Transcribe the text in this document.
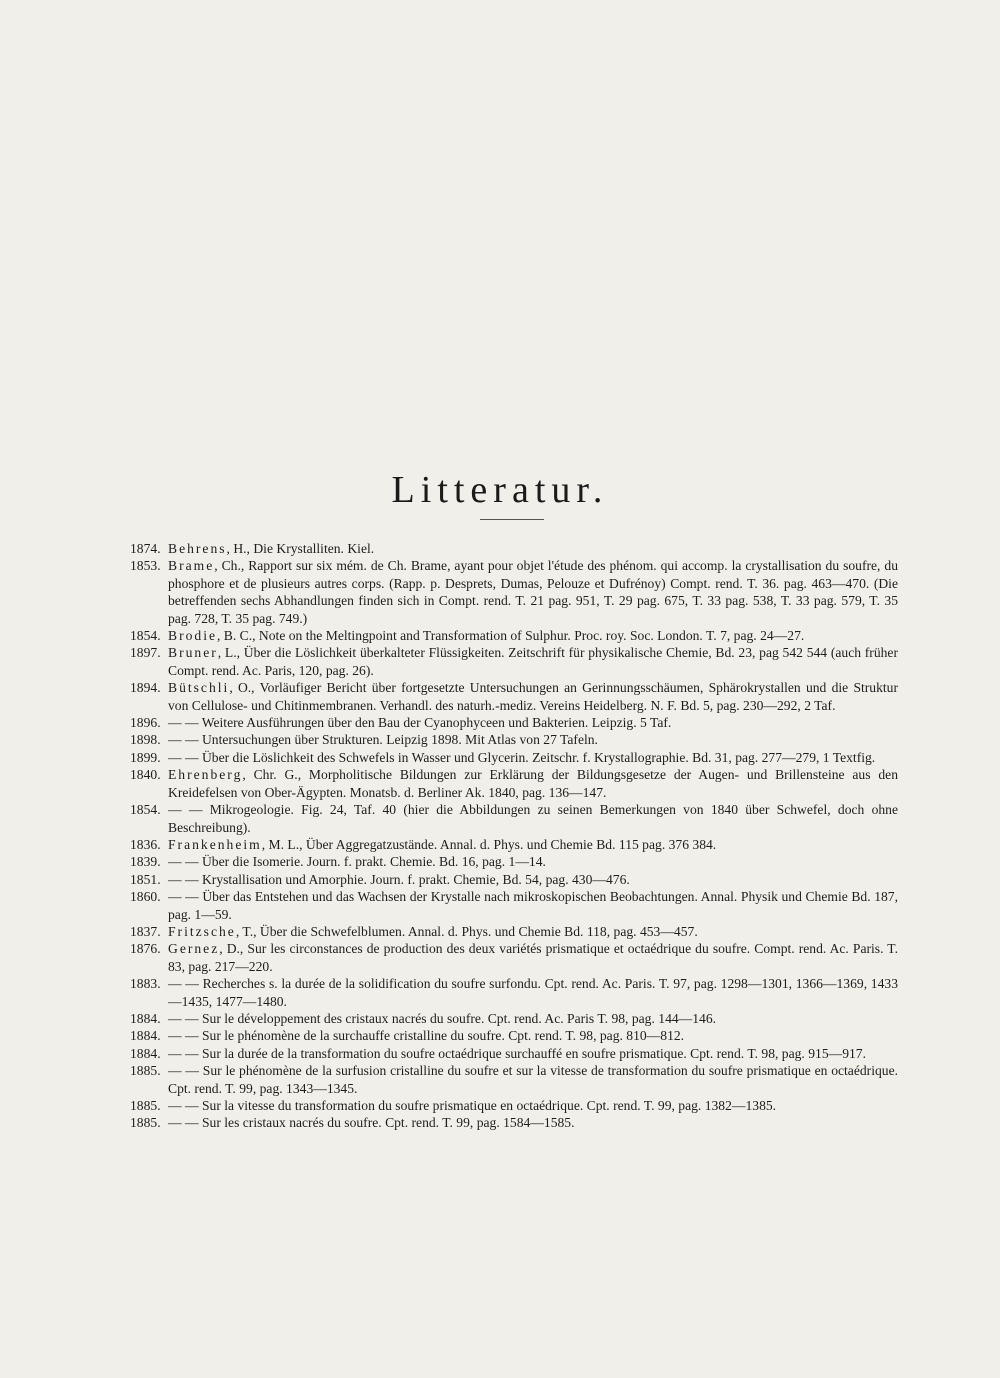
Litteratur.
1874. Behrens, H., Die Krystalliten. Kiel.
1853. Brame, Ch., Rapport sur six mém. de Ch. Brame, ayant pour objet l'étude des phénom. qui accomp. la crystallisation du soufre, du phosphore et de plusieurs autres corps. (Rapp. p. Desprets, Dumas, Pelouze et Dufrénoy) Compt. rend. T. 36. pag. 463—470. (Die betreffenden sechs Abhandlungen finden sich in Compt. rend. T. 21 pag. 951, T. 29 pag. 675, T. 33 pag. 538, T. 33 pag. 579, T. 35 pag. 728, T. 35 pag. 749.)
1854. Brodie, B. C., Note on the Meltingpoint and Transformation of Sulphur. Proc. roy. Soc. London. T. 7, pag. 24—27.
1897. Bruner, L., Über die Löslichkeit überkalteter Flüssigkeiten. Zeitschrift für physikalische Chemie, Bd. 23, pag 542 544 (auch früher Compt. rend. Ac. Paris, 120, pag. 26).
1894. Bütschli, O., Vorläufiger Bericht über fortgesetzte Untersuchungen an Gerinnungsschäumen, Sphärokrystallen und die Struktur von Cellulose- und Chitinmembranen. Verhandl. des naturh.-mediz. Vereins Heidelberg. N. F. Bd. 5, pag. 230—292, 2 Taf.
1896. — — Weitere Ausführungen über den Bau der Cyanophyceen und Bakterien. Leipzig. 5 Taf.
1898. — — Untersuchungen über Strukturen. Leipzig 1898. Mit Atlas von 27 Tafeln.
1899. — — Über die Löslichkeit des Schwefels in Wasser und Glycerin. Zeitschr. f. Krystallographie. Bd. 31, pag. 277—279, 1 Textfig.
1840. Ehrenberg, Chr. G., Morpholitische Bildungen zur Erklärung der Bildungsgesetze der Augen- und Brillensteine aus den Kreidefelsen von Ober-Ägypten. Monatsb. d. Berliner Ak. 1840, pag. 136—147.
1854. — — Mikrogeologie. Fig. 24, Taf. 40 (hier die Abbildungen zu seinen Bemerkungen von 1840 über Schwefel, doch ohne Beschreibung).
1836. Frankenheim, M. L., Über Aggregatzustände. Annal. d. Phys. und Chemie Bd. 115 pag. 376 384.
1839. — — Über die Isomerie. Journ. f. prakt. Chemie. Bd. 16, pag. 1—14.
1851. — — Krystallisation und Amorphie. Journ. f. prakt. Chemie, Bd. 54, pag. 430—476.
1860. — — Über das Entstehen und das Wachsen der Krystalle nach mikroskopischen Beobachtungen. Annal. Physik und Chemie Bd. 187, pag. 1—59.
1837. Fritzsche, T., Über die Schwefelblumen. Annal. d. Phys. und Chemie Bd. 118, pag. 453—457.
1876. Gernez, D., Sur les circonstances de production des deux variétés prismatique et octaédrique du soufre. Compt. rend. Ac. Paris. T. 83, pag. 217—220.
1883. — — Recherches s. la durée de la solidification du soufre surfondu. Cpt. rend. Ac. Paris. T. 97, pag. 1298—1301, 1366—1369, 1433—1435, 1477—1480.
1884. — — Sur le développement des cristaux nacrés du soufre. Cpt. rend. Ac. Paris T. 98, pag. 144—146.
1884. — — Sur le phénomène de la surchauffe cristalline du soufre. Cpt. rend. T. 98, pag. 810—812.
1884. — — Sur la durée de la transformation du soufre octaédrique surchauffé en soufre prismatique. Cpt. rend. T. 98, pag. 915—917.
1885. — — Sur le phénomène de la surfusion cristalline du soufre et sur la vitesse de transformation du soufre prismatique en octaédrique. Cpt. rend. T. 99, pag. 1343—1345.
1885. — — Sur la vitesse du transformation du soufre prismatique en octaédrique. Cpt. rend. T. 99, pag. 1382—1385.
1885. — — Sur les cristaux nacrés du soufre. Cpt. rend. T. 99, pag. 1584—1585.
